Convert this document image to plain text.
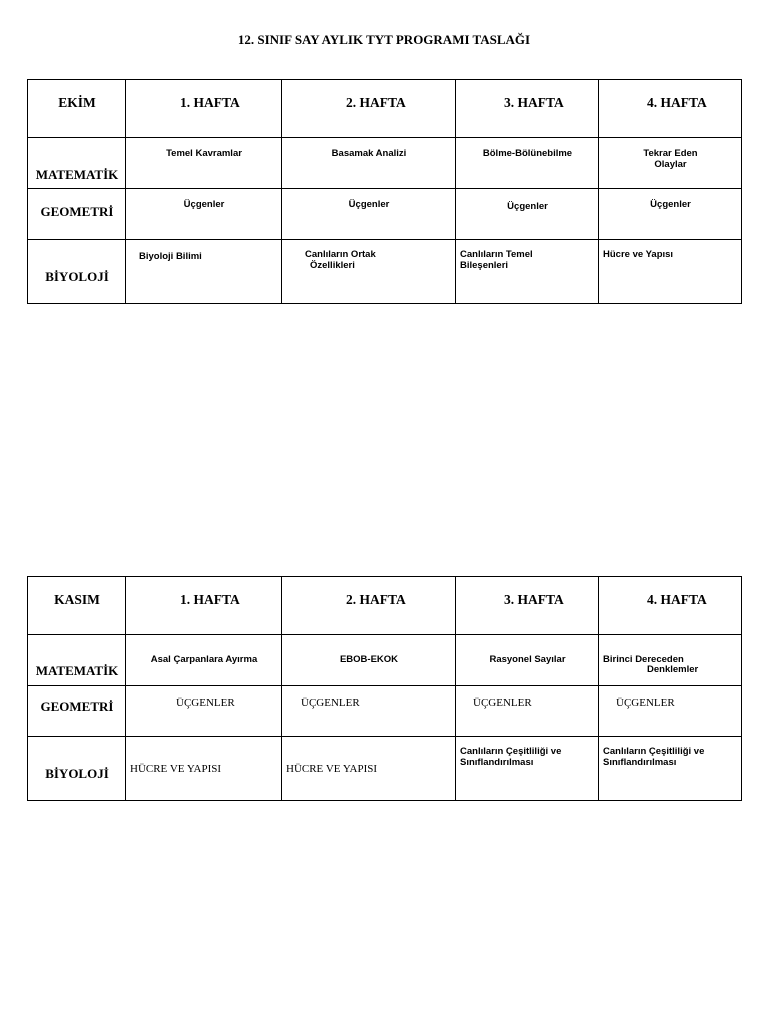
12. SINIF SAY AYLIK TYT PROGRAMI TASLAĞI
EKİM	1. HAFTA	2. HAFTA	3. HAFTA	4. HAFTA

MATEMATİK	Temel Kavramlar	Basamak Analizi	Bölme-Bölünebilme	Tekrar Eden
Olaylar

GEOMETRİ	Üçgenler	Üçgenler	Üçgenler	Üçgenler

BİYOLOJİ	Biyoloji Bilimi	Canlıların Ortak
Özellikleri	Canlıların Temel
Bileşenleri	Hücre ve Yapısı
KASIM	1. HAFTA	2. HAFTA	3. HAFTA	4. HAFTA

MATEMATİK	Asal Çarpanlara Ayırma	EBOB-EKOK	Rasyonel Sayılar	Birinci Dereceden
Denklemler

GEOMETRİ	ÜÇGENLER	ÜÇGENLER	ÜÇGENLER	ÜÇGENLER

BİYOLOJİ	HÜCRE VE YAPISI	HÜCRE VE YAPISI	Canlıların Çeşitliliği ve
Sınıflandırılması	Canlıların Çeşitliliği ve
Sınıflandırılması
